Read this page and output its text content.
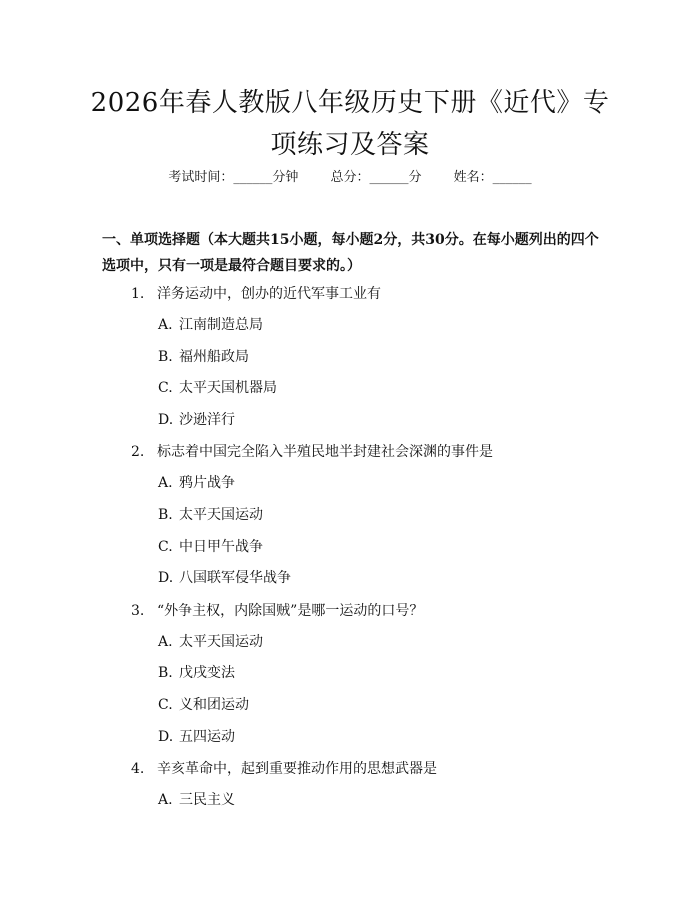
2026年春人教版八年级历史下册《近代》专项练习及答案
考试时间：______分钟 总分：______分 姓名：______
一、单项选择题（本大题共15小题，每小题2分，共30分。在每小题列出的四个选项中，只有一项是最符合题目要求的。）
1. 洋务运动中，创办的近代军事工业有
A. 江南制造总局
B. 福州船政局
C. 太平天国机器局
D. 沙逊洋行
2. 标志着中国完全陷入半殖民地半封建社会深渊的事件是
A. 鸦片战争
B. 太平天国运动
C. 中日甲午战争
D. 八国联军侵华战争
3. “外争主权，内除国贼”是哪一运动的口号？
A. 太平天国运动
B. 戊戌变法
C. 义和团运动
D. 五四运动
4. 辛亥革命中，起到重要推动作用的思想武器是
A. 三民主义
